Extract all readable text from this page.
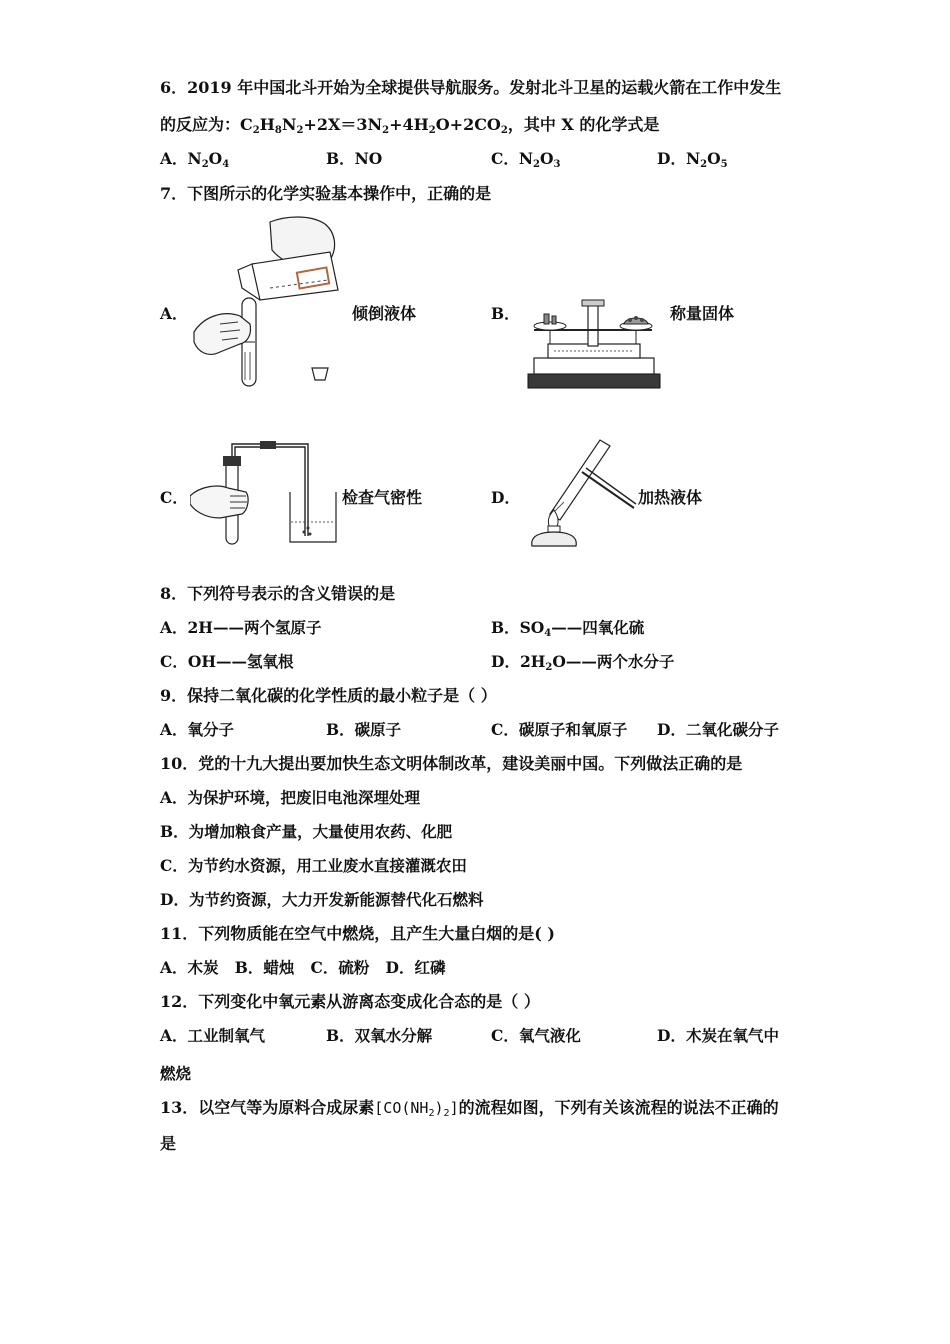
6．2019 年中国北斗开始为全球提供导航服务。发射北斗卫星的运载火箭在工作中发生
的反应为：$C_2H_8N_2+2X=3N_2+4H_2O+2CO_2$，其中 X 的化学式是
A．$N_2O_4$	B．NO	C．$N_2O_3$	D．$N_2O_5$
7．下图所示的化学实验基本操作中，正确的是
A．	倾倒液体	B．	称量固体
C．	检查气密性	D．	加热液体
8．下列符号表示的含义错误的是
A．2H——两个氢原子	B．$SO_4——$四氧化硫
C．OH——氢氧根	D．$2H_2O——$两个水分子
9．保持二氧化碳的化学性质的最小粒子是（ ）
A．氧分子	B．碳原子	C．碳原子和氧原子 D．二氧化碳分子
10．党的十九大提出要加快生态文明体制改革，建设美丽中国。下列做法正确的是
A．为保护环境，把废旧电池深埋处理
B．为增加粮食产量，大量使用农药、化肥
C．为节约水资源，用工业废水直接灌溉农田
D．为节约资源，大力开发新能源替代化石燃料
11．下列物质能在空气中燃烧，且产生大量白烟的是( )
A．木炭   B．蜡烛   C．硫粉   D．红磷
12．下列变化中氧元素从游离态变成化合态的是（ ）
A．工业制氧气	B．双氧水分解	C．氧气液化	D．木炭在氧气中
燃烧
13．以空气等为原料合成尿素$[CO(NH_2)_2]$的流程如图，下列有关该流程的说法不正确的
是
